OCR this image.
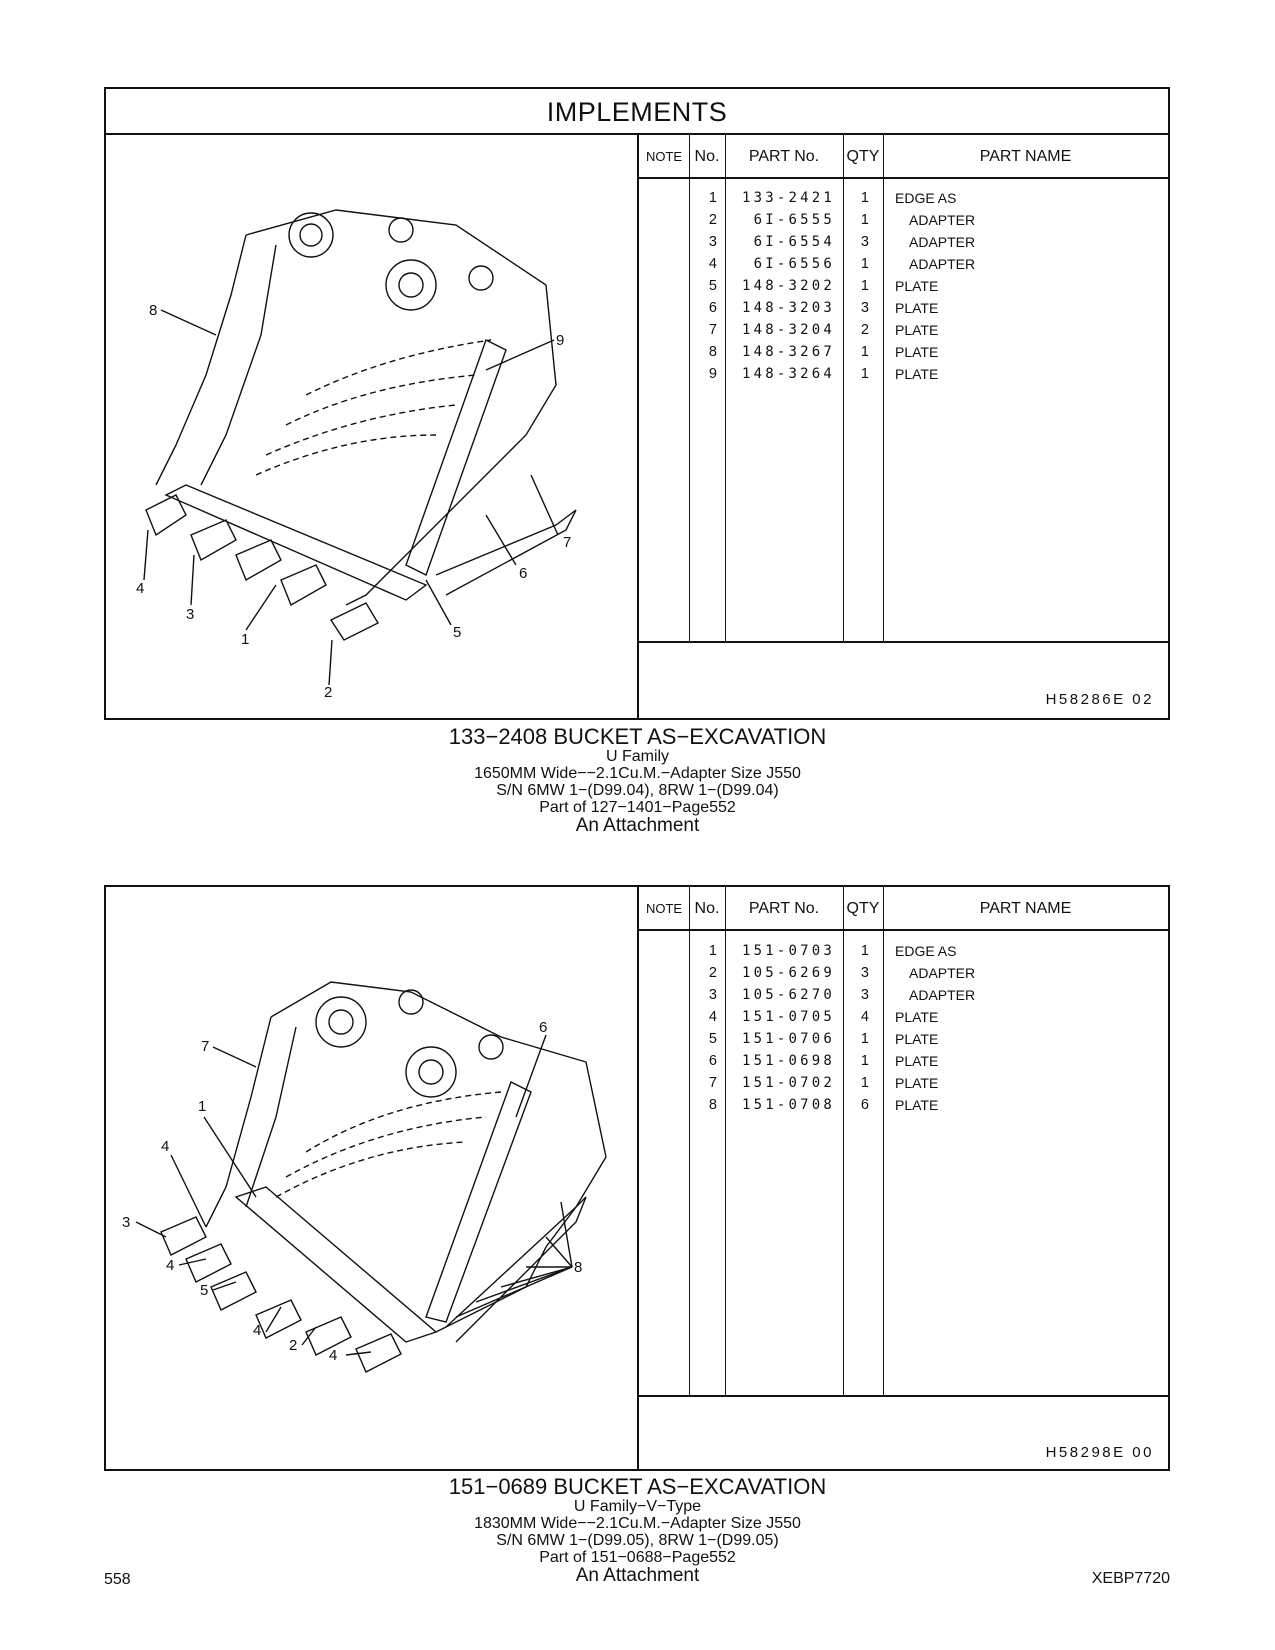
IMPLEMENTS
8
9
7
6
5
4
3
1
2
NOTE No.	PART No.	QTY	PART NAME
1	133-2421	1 EDGE AS
2	6I-6555	1	ADAPTER
3	6I-6554	3	ADAPTER
4	6I-6556	1	ADAPTER
5	148-3202	1 PLATE
6	148-3203	3 PLATE
7	148-3204	2 PLATE
8	148-3267	1 PLATE
9	148-3264	1 PLATE
H58286E 02
133−2408 BUCKET AS−EXCAVATION
U Family
1650MM Wide−−2.1Cu.M.−Adapter Size J550
S/N 6MW 1−(D99.04), 8RW 1−(D99.04)
Part of 127−1401−Page552
An Attachment
7
6
1
4
3
4
5
4
2
4
8
NOTE No.	PART No.	QTY	PART NAME
1	151-0703	1 EDGE AS
2	105-6269	3	ADAPTER
3	105-6270	3	ADAPTER
4	151-0705	4 PLATE
5	151-0706	1 PLATE
6	151-0698	1 PLATE
7	151-0702	1 PLATE
8	151-0708	6 PLATE
H58298E 00
151−0689 BUCKET AS−EXCAVATION
U Family−V−Type
1830MM Wide−−2.1Cu.M.−Adapter Size J550
S/N 6MW 1−(D99.05), 8RW 1−(D99.05)
Part of 151−0688−Page552
An Attachment
558	XEBP7720
